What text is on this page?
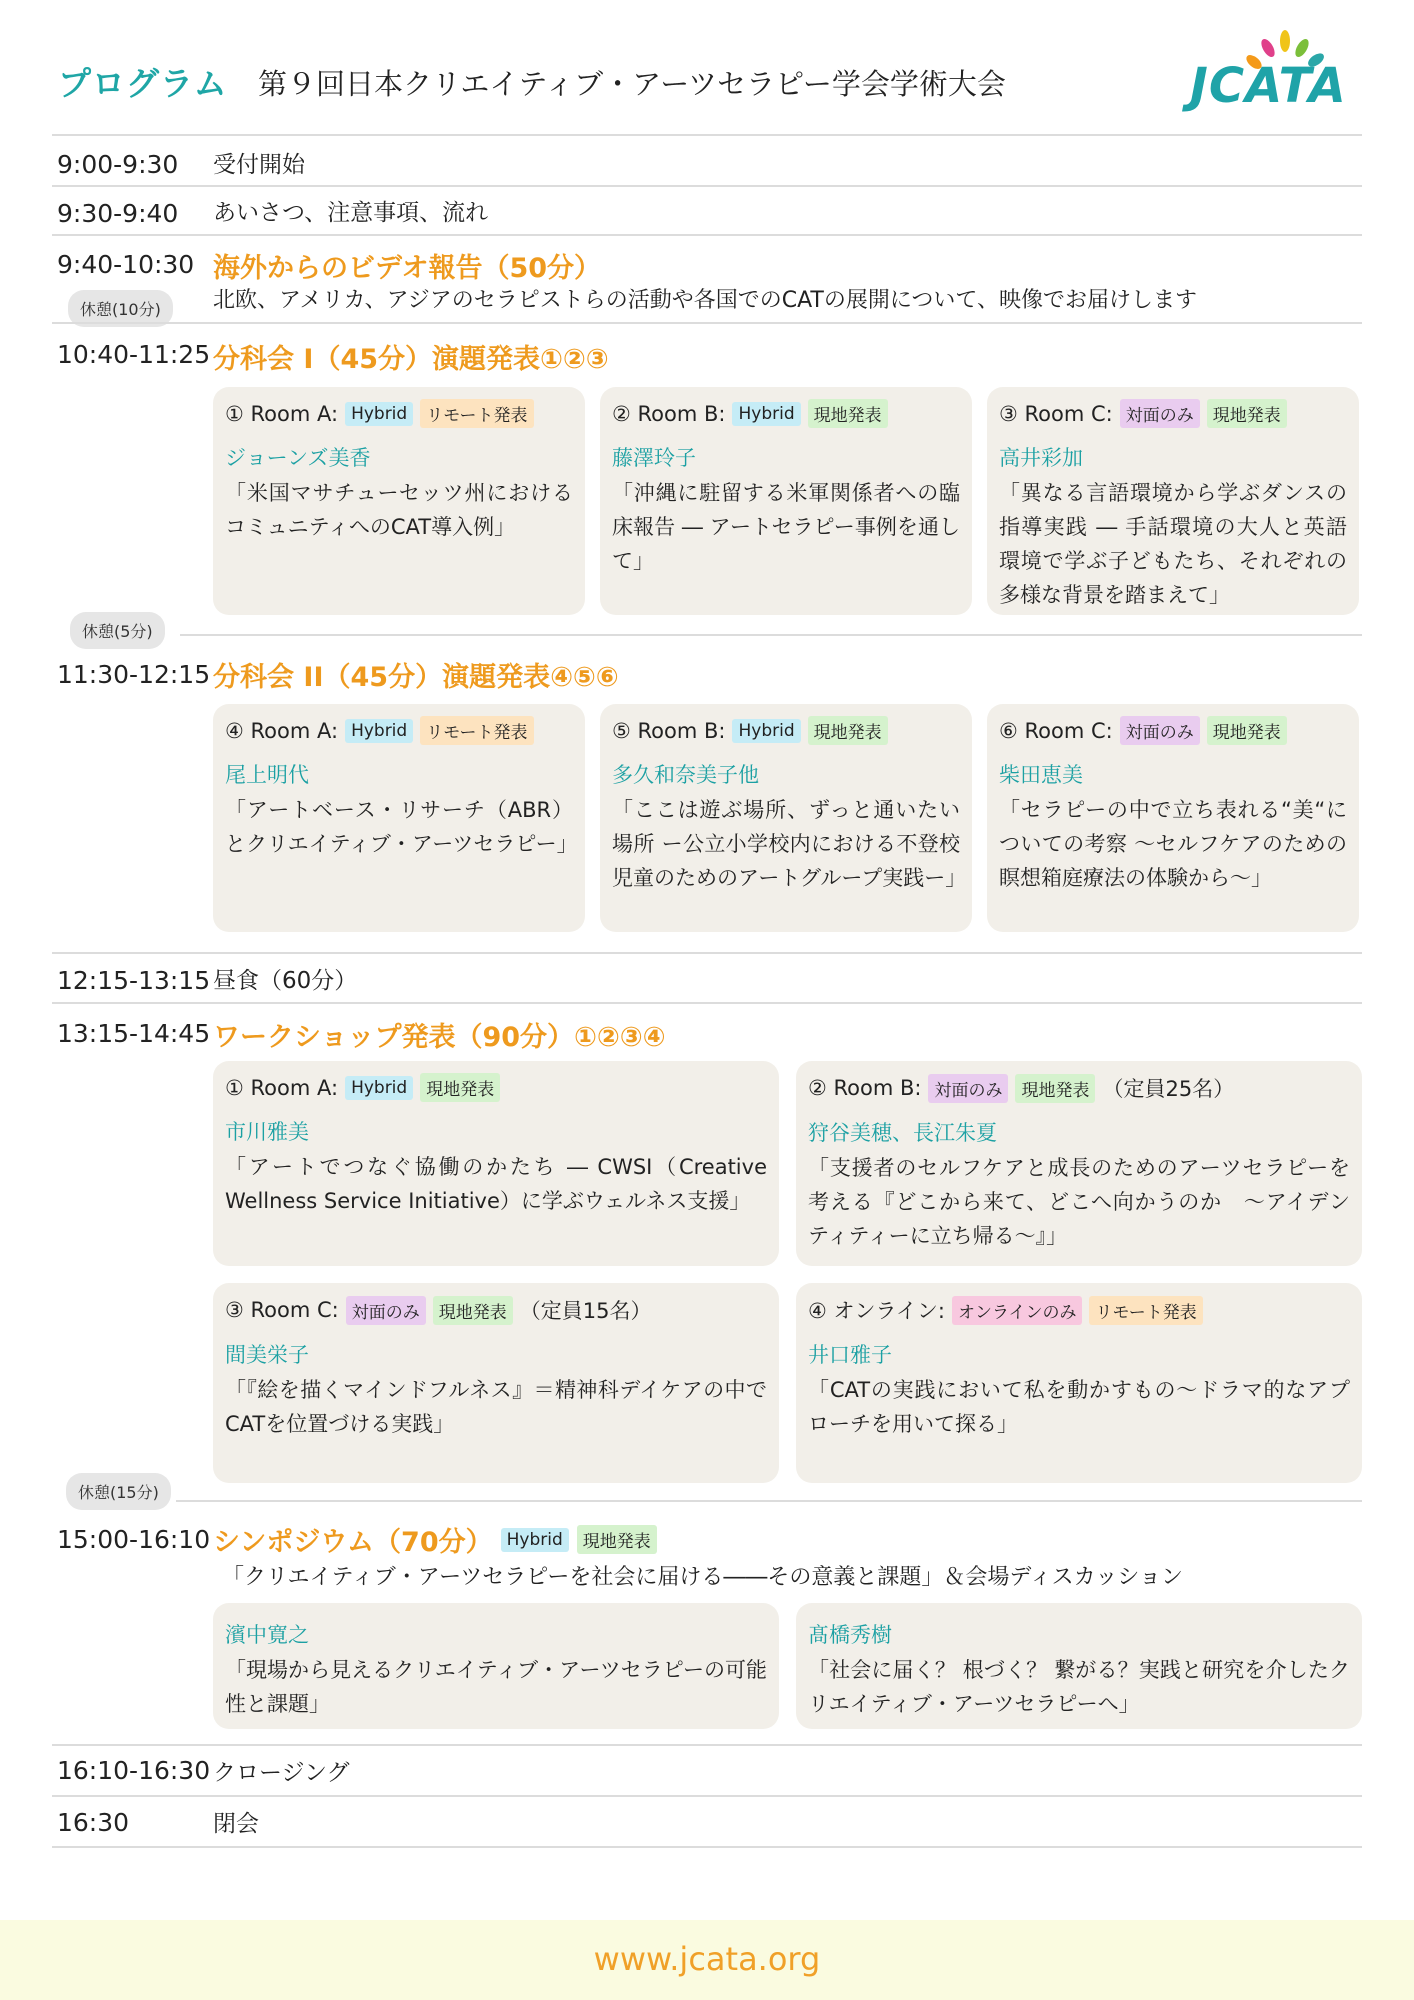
プログラム 第９回日本クリエイティブ・アーツセラピー学会学術大会	JCATA
9:00-9:30 受付開始
9:30-9:40 あいさつ、注意事項、流れ
9:40-10:30 海外からのビデオ報告（50分）
休憩(10分)	北欧、アメリカ、アジアのセラピストらの活動や各国でのCATの展開について、映像でお届けします
10:40-11:25 分科会 I（45分）演題発表①②③
① Room A: Hybrid	リモート発表
ジョーンズ美香
「米国マサチューセッツ州におけるコミュニティへのCAT導入例」
② Room B: Hybrid	現地発表
藤澤玲子
「沖縄に駐留する米軍関係者への臨床報告 ― アートセラピー事例を通して」
③ Room C: 対面のみ	現地発表
高井彩加
「異なる言語環境から学ぶダンスの指導実践 ― 手話環境の大人と英語環境で学ぶ子どもたち、それぞれの多様な背景を踏まえて」
休憩(5分)
11:30-12:15 分科会 II（45分）演題発表④⑤⑥
④ Room A: Hybrid	リモート発表
尾上明代
「アートベース・リサーチ（ABR）とクリエイティブ・アーツセラピー」
⑤ Room B: Hybrid	現地発表
多久和奈美子他
「ここは遊ぶ場所、ずっと通いたい場所 ー公立小学校内における不登校児童のためのアートグループ実践ー」
⑥ Room C: 対面のみ	現地発表
柴田恵美
「セラピーの中で立ち表れる“美“についての考察 ～セルフケアのための瞑想箱庭療法の体験から～」
12:15-13:15 昼食（60分）
13:15-14:45 ワークショップ発表（90分）①②③④
① Room A: Hybrid	現地発表
市川雅美
「アートでつなぐ協働のかたち ― CWSI（Creative Wellness Service Initiative）に学ぶウェルネス支援」
② Room B: 対面のみ	現地発表 （定員25名）
狩谷美穂、長江朱夏
「支援者のセルフケアと成長のためのアーツセラピーを考える『どこから来て、どこへ向かうのか　～アイデンティティーに立ち帰る～』」
③ Room C: 対面のみ	現地発表 （定員15名）
間美栄子
「『絵を描くマインドフルネス』＝精神科デイケアの中でCATを位置づける実践」
④ オンライン: オンラインのみ	リモート発表
井口雅子
「CATの実践において私を動かすもの〜ドラマ的なアプローチを用いて探る」
休憩(15分)
15:00-16:10 シンポジウム（70分） Hybrid	現地発表
「クリエイティブ・アーツセラピーを社会に届ける――その意義と課題」＆会場ディスカッション
濱中寛之
「現場から見えるクリエイティブ・アーツセラピーの可能性と課題」
髙橋秀樹
「社会に届く？ 根づく？ 繋がる？実践と研究を介したクリエイティブ・アーツセラピーへ」
16:10-16:30 クロージング
16:30	閉会
www.jcata.org
